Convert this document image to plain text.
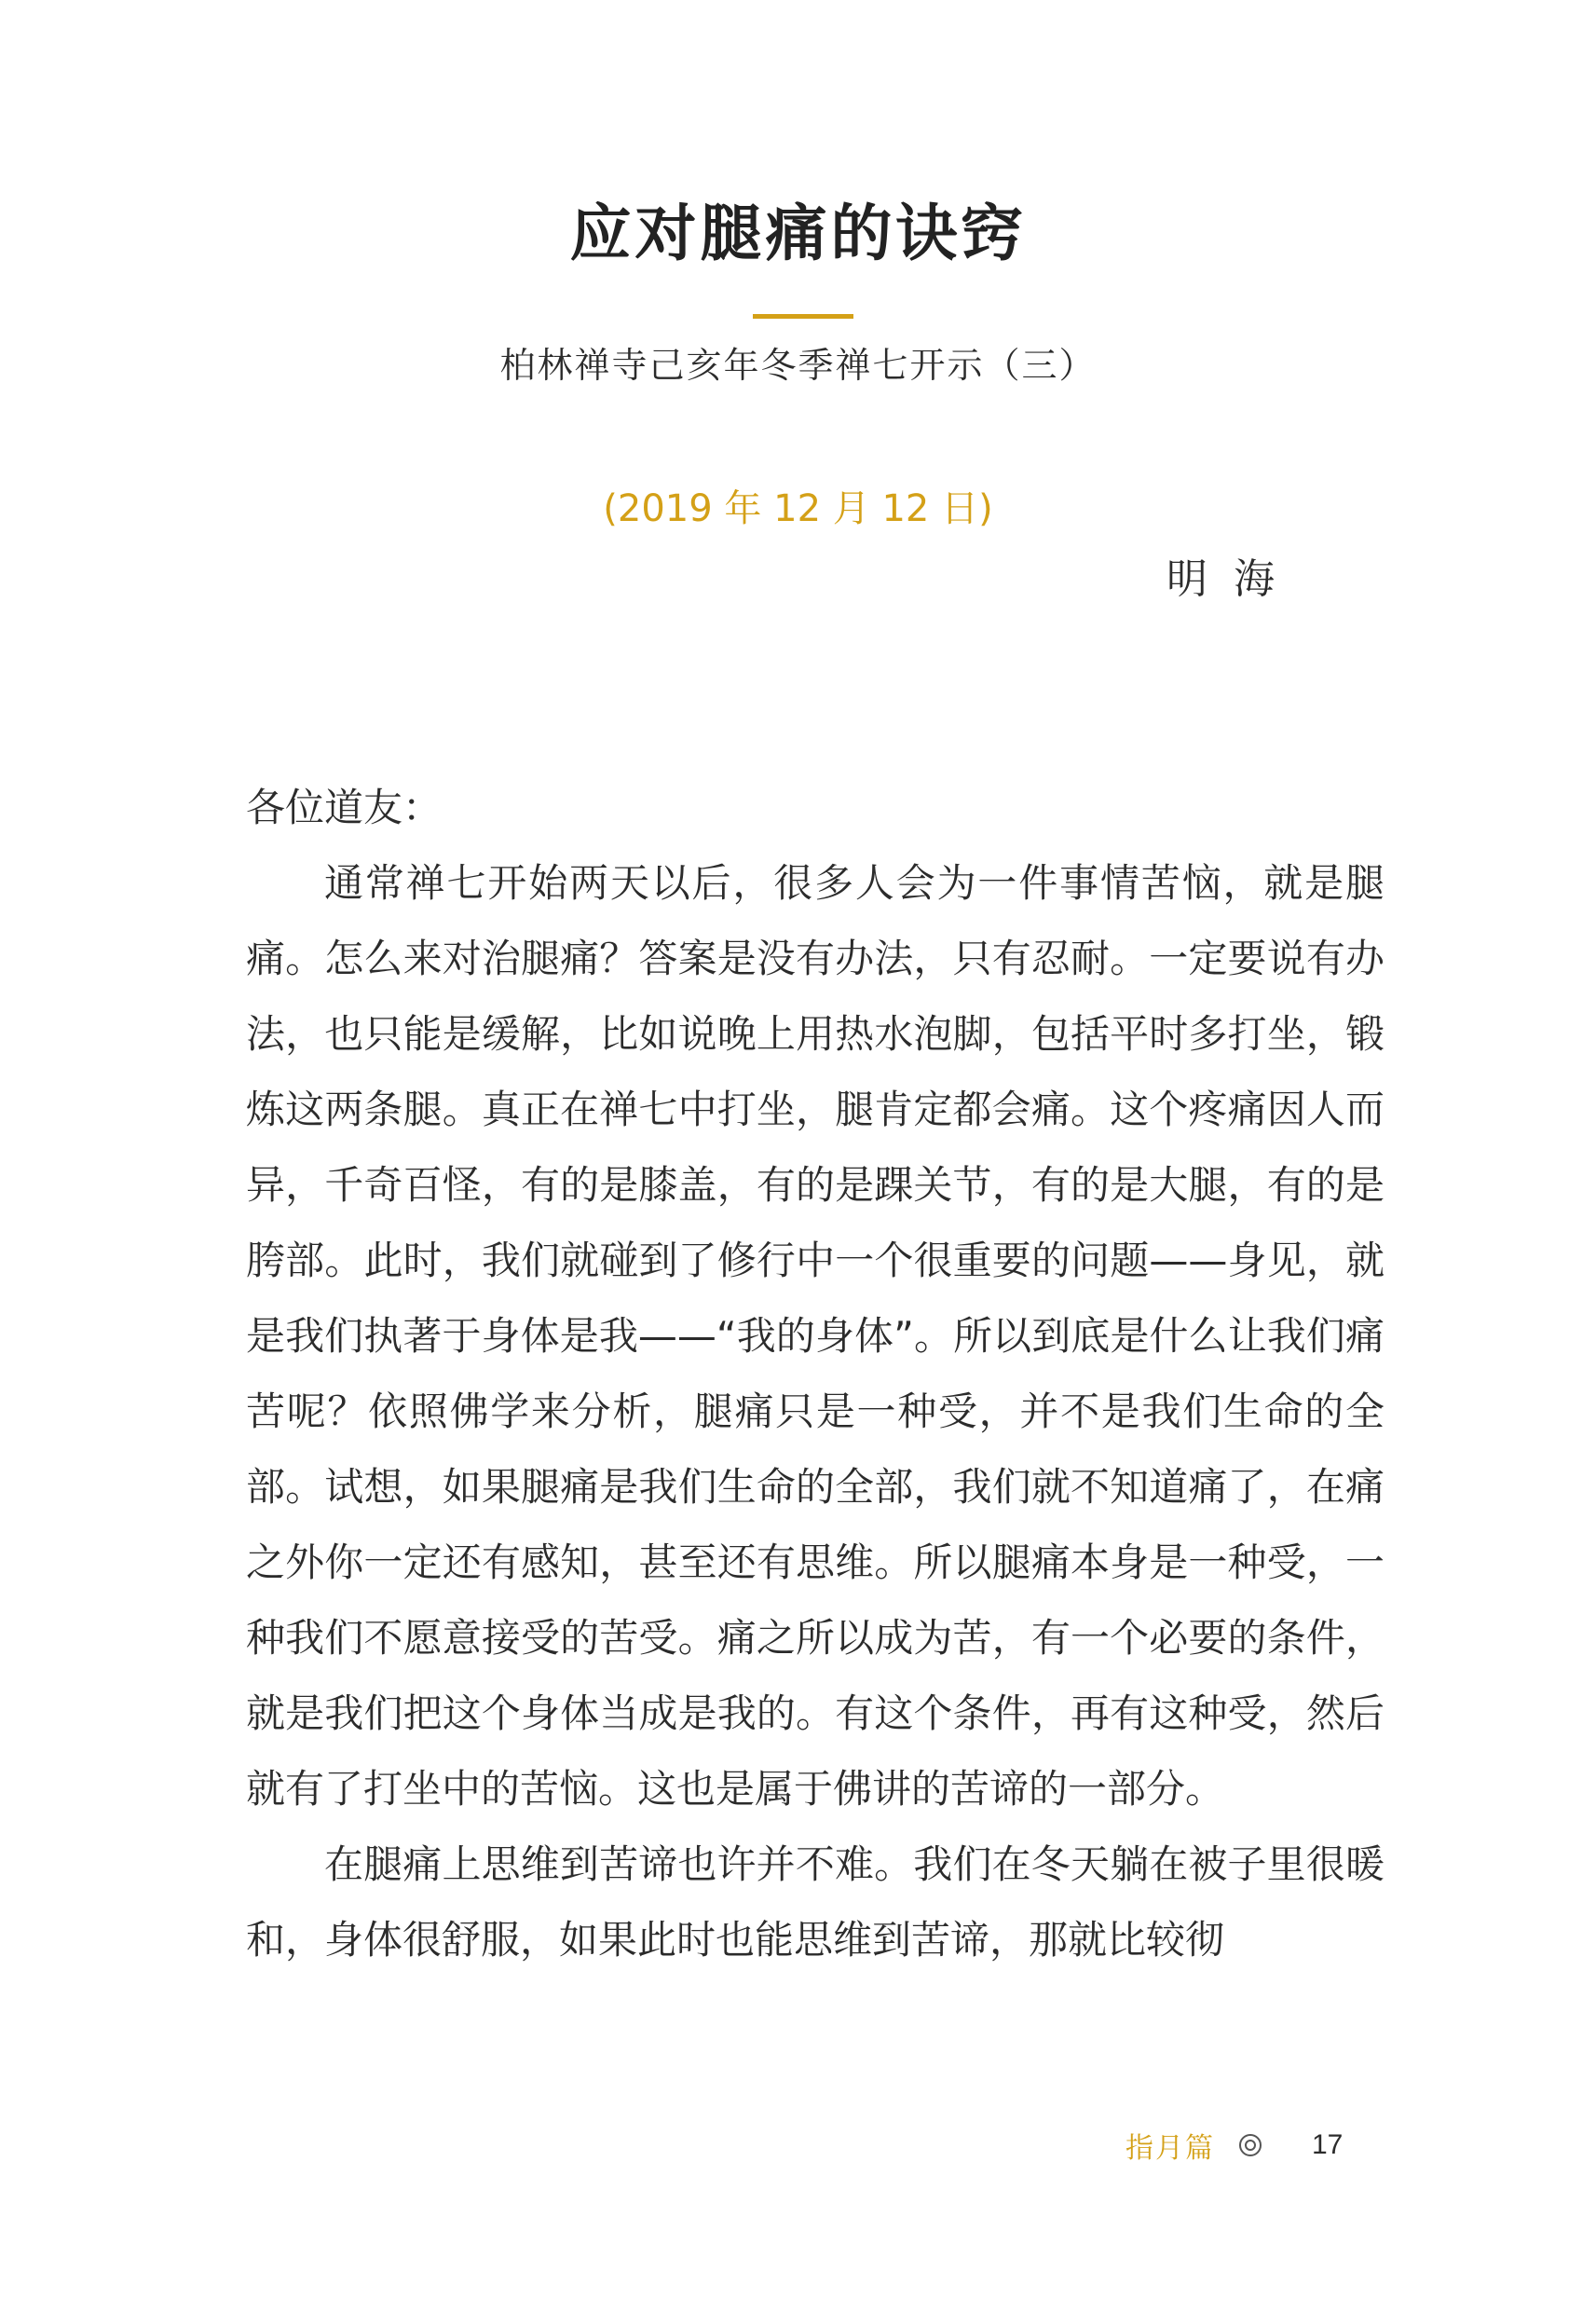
应对腿痛的诀窍
柏林禅寺己亥年冬季禅七开示（三）
(2019 年 12 月 12 日)
明海

各位道友：

通常禅七开始两天以后，很多人会为一件事情苦恼，就是腿痛。怎么来对治腿痛？答案是没有办法，只有忍耐。一定要说有办法，也只能是缓解，比如说晚上用热水泡脚，包括平时多打坐，锻炼这两条腿。真正在禅七中打坐，腿肯定都会痛。这个疼痛因人而异，千奇百怪，有的是膝盖，有的是踝关节，有的是大腿，有的是胯部。此时，我们就碰到了修行中一个很重要的问题——身见，就是我们执著于身体是我——“我的身体”。所以到底是什么让我们痛苦呢？依照佛学来分析，腿痛只是一种受，并不是我们生命的全部。试想，如果腿痛是我们生命的全部，我们就不知道痛了，在痛之外你一定还有感知，甚至还有思维。所以腿痛本身是一种受，一种我们不愿意接受的苦受。痛之所以成为苦，有一个必要的条件，就是我们把这个身体当成是我的。有这个条件，再有这种受，然后就有了打坐中的苦恼。这也是属于佛讲的苦谛的一部分。

在腿痛上思维到苦谛也许并不难。我们在冬天躺在被子里很暖和，身体很舒服，如果此时也能思维到苦谛，那就比较彻

指月篇	17
